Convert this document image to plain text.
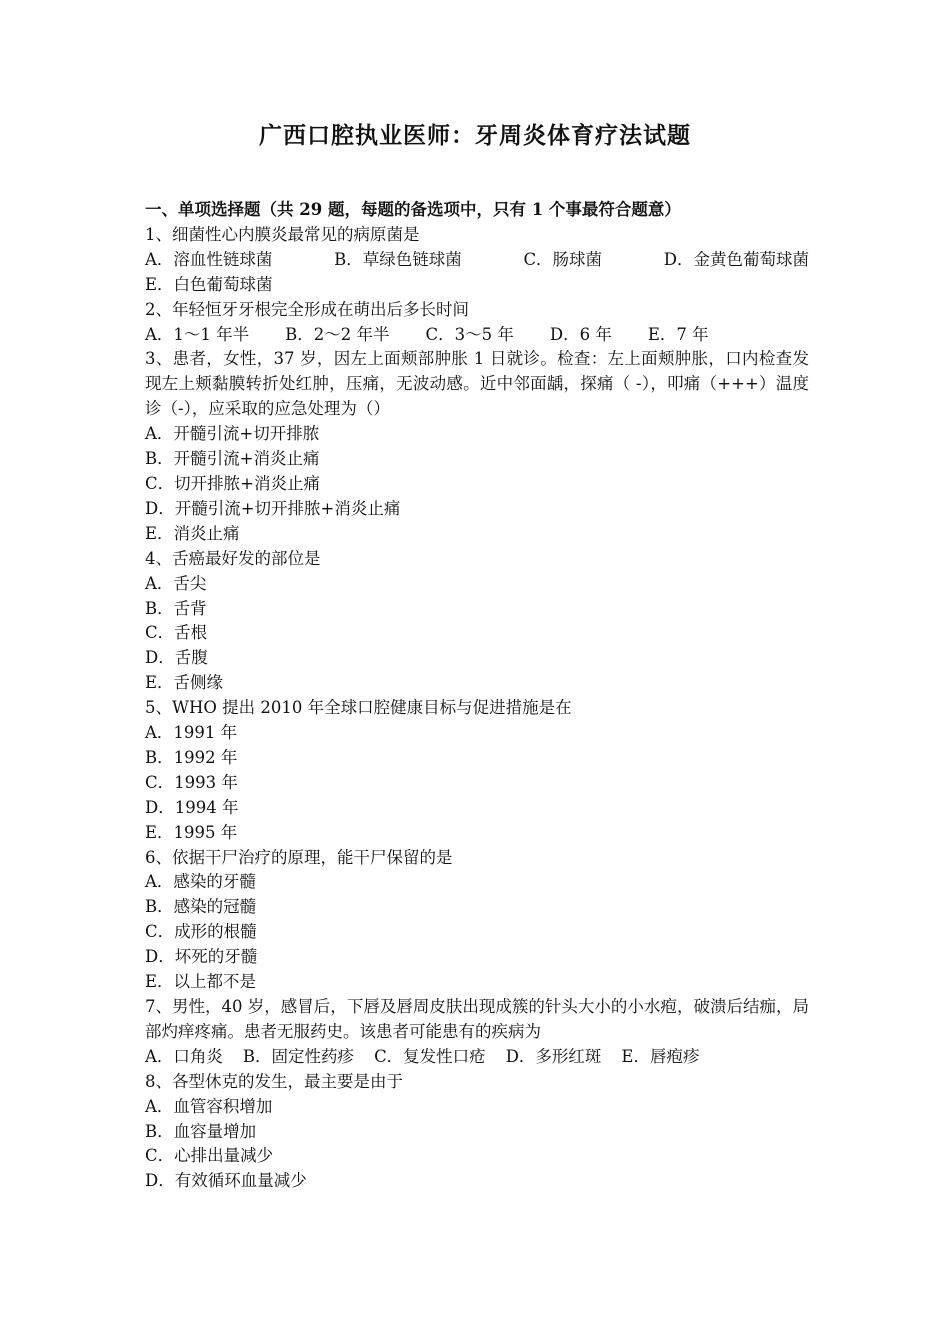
广西口腔执业医师：牙周炎体育疗法试题
一、单项选择题（共 29 题，每题的备选项中，只有 1 个事最符合题意）
1、细菌性心内膜炎最常见的病原菌是
A．溶血性链球菌	B．草绿色链球菌	C．肠球菌	D．金黄色葡萄球菌
E．白色葡萄球菌
2、年轻恒牙牙根完全形成在萌出后多长时间
A．1～1 年半 B．2～2 年半 C．3～5 年 D．6 年 E．7 年
3、患者，女性，37 岁，因左上面颊部肿胀 1 日就诊。检查：左上面颊肿胀，口内检查发现左上颊黏膜转折处红肿，压痛，无波动感。近中邻面龋，探痛（ -），叩痛（+++）温度诊（-），应采取的应急处理为（）
A．开髓引流+切开排脓
B．开髓引流+消炎止痛
C．切开排脓+消炎止痛
D．开髓引流+切开排脓+消炎止痛
E．消炎止痛
4、舌癌最好发的部位是
A．舌尖
B．舌背
C．舌根
D．舌腹
E．舌侧缘
5、WHO 提出 2010 年全球口腔健康目标与促进措施是在
A．1991 年
B．1992 年
C．1993 年
D．1994 年
E．1995 年
6、依据干尸治疗的原理，能干尸保留的是
A．感染的牙髓
B．感染的冠髓
C．成形的根髓
D．坏死的牙髓
E．以上都不是
7、男性，40 岁，感冒后，下唇及唇周皮肤出现成簇的针头大小的小水疱，破溃后结痂，局部灼痒疼痛。患者无服药史。该患者可能患有的疾病为
A．口角炎 B．固定性药疹 C．复发性口疮 D．多形红斑 E．唇疱疹
8、各型休克的发生，最主要是由于
A．血管容积增加
B．血容量增加
C．心排出量减少
D．有效循环血量减少
